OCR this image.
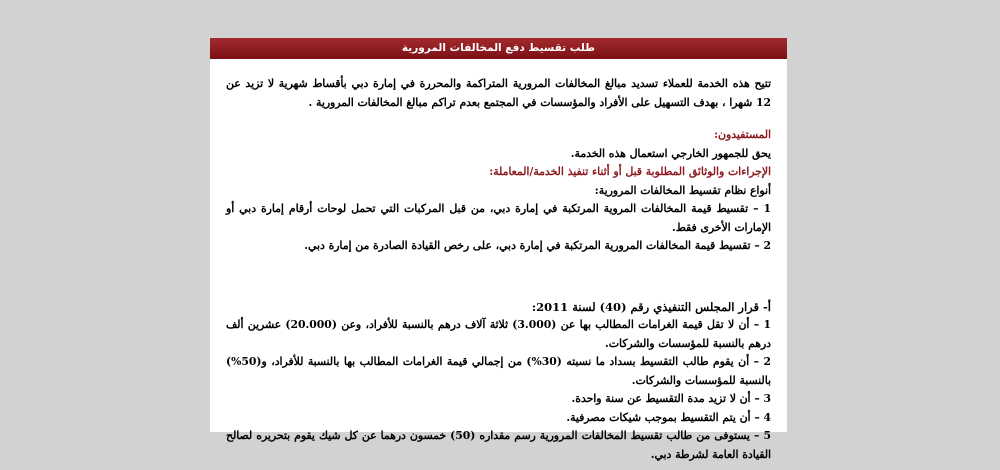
طلب تقسيط دفع المخالفات المرورية

تتيح هذه الخدمة للعملاء تسديد مبالغ المخالفات المرورية المتراكمة والمحررة في إمارة دبي بأقساط شهرية لا تزيد عن 12 شهرا ، بهدف التسهيل على الأفراد والمؤسسات في المجتمع بعدم تراكم مبالغ المخالفات المرورية .

المستفيدون:

يحق للجمهور الخارجي استعمال هذه الخدمة.

الإجراءات والوثائق المطلوبة قبل أو أثناء تنفيذ الخدمة/المعاملة:

أنواع نظام تقسيط المخالفات المرورية:

1 – تقسيط قيمة المخالفات المروية المرتكبة في إمارة دبي، من قبل المركبات التي تحمل لوحات أرقام إمارة دبي أو الإمارات الأخرى فقط.

2 – تقسيط قيمة المخالفات المرورية المرتكبة في إمارة دبي، على رخص القيادة الصادرة من إمارة دبي.

أ- قرار المجلس التنفيذي رقم (40) لسنة 2011:

1 – أن لا تقل قيمة الغرامات المطالب بها عن (3.000) ثلاثة آلاف درهم بالنسبة للأفراد، وعن (20.000) عشرين ألف درهم بالنسبة للمؤسسات والشركات.

2 – أن يقوم طالب التقسيط بسداد ما نسبته (30%) من إجمالي قيمة الغرامات المطالب بها بالنسبة للأفراد، و(50%) بالنسبة للمؤسسات والشركات.

3 – أن لا تزيد مدة التقسيط عن سنة واحدة.

4 – أن يتم التقسيط بموجب شيكات مصرفية.

5 – يستوفى من طالب تقسيط المخالفات المرورية رسم مقداره (50) خمسون درهما عن كل شيك يقوم بتحريره لصالح القيادة العامة لشرطة دبي.
